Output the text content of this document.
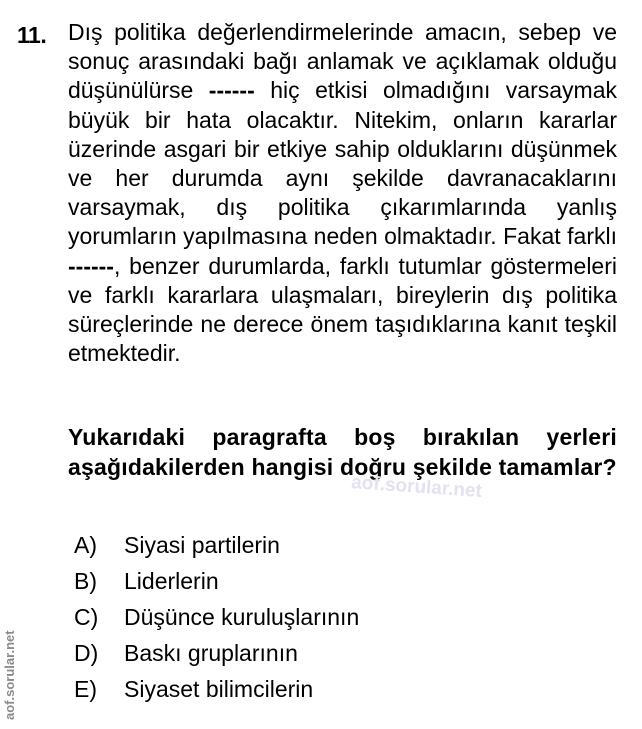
11. Dış politika değerlendirmelerinde amacın, sebep ve sonuç arasındaki bağı anlamak ve açıklamak olduğu düşünülürse ------ hiç etkisi olmadığını varsaymak büyük bir hata olacaktır. Nitekim, onların kararlar üzerinde asgari bir etkiye sahip olduklarını düşünmek ve her durumda aynı şekilde davranacaklarını varsaymak, dış politika çıkarımlarında yanlış yorumların yapılmasına neden olmaktadır. Fakat farklı ------, benzer durumlarda, farklı tutumlar göstermeleri ve farklı kararlara ulaşmaları, bireylerin dış politika süreçlerinde ne derece önem taşıdıklarına kanıt teşkil etmektedir.
Yukarıdaki paragrafta boş bırakılan yerleri aşağıdakilerden hangisi doğru şekilde tamamlar?
A)	Siyasi partilerin
B)	Liderlerin
C)	Düşünce kuruluşlarının
D)	Baskı gruplarının
E)	Siyaset bilimcilerin
aof.sorular.net
aof.sorular.net
